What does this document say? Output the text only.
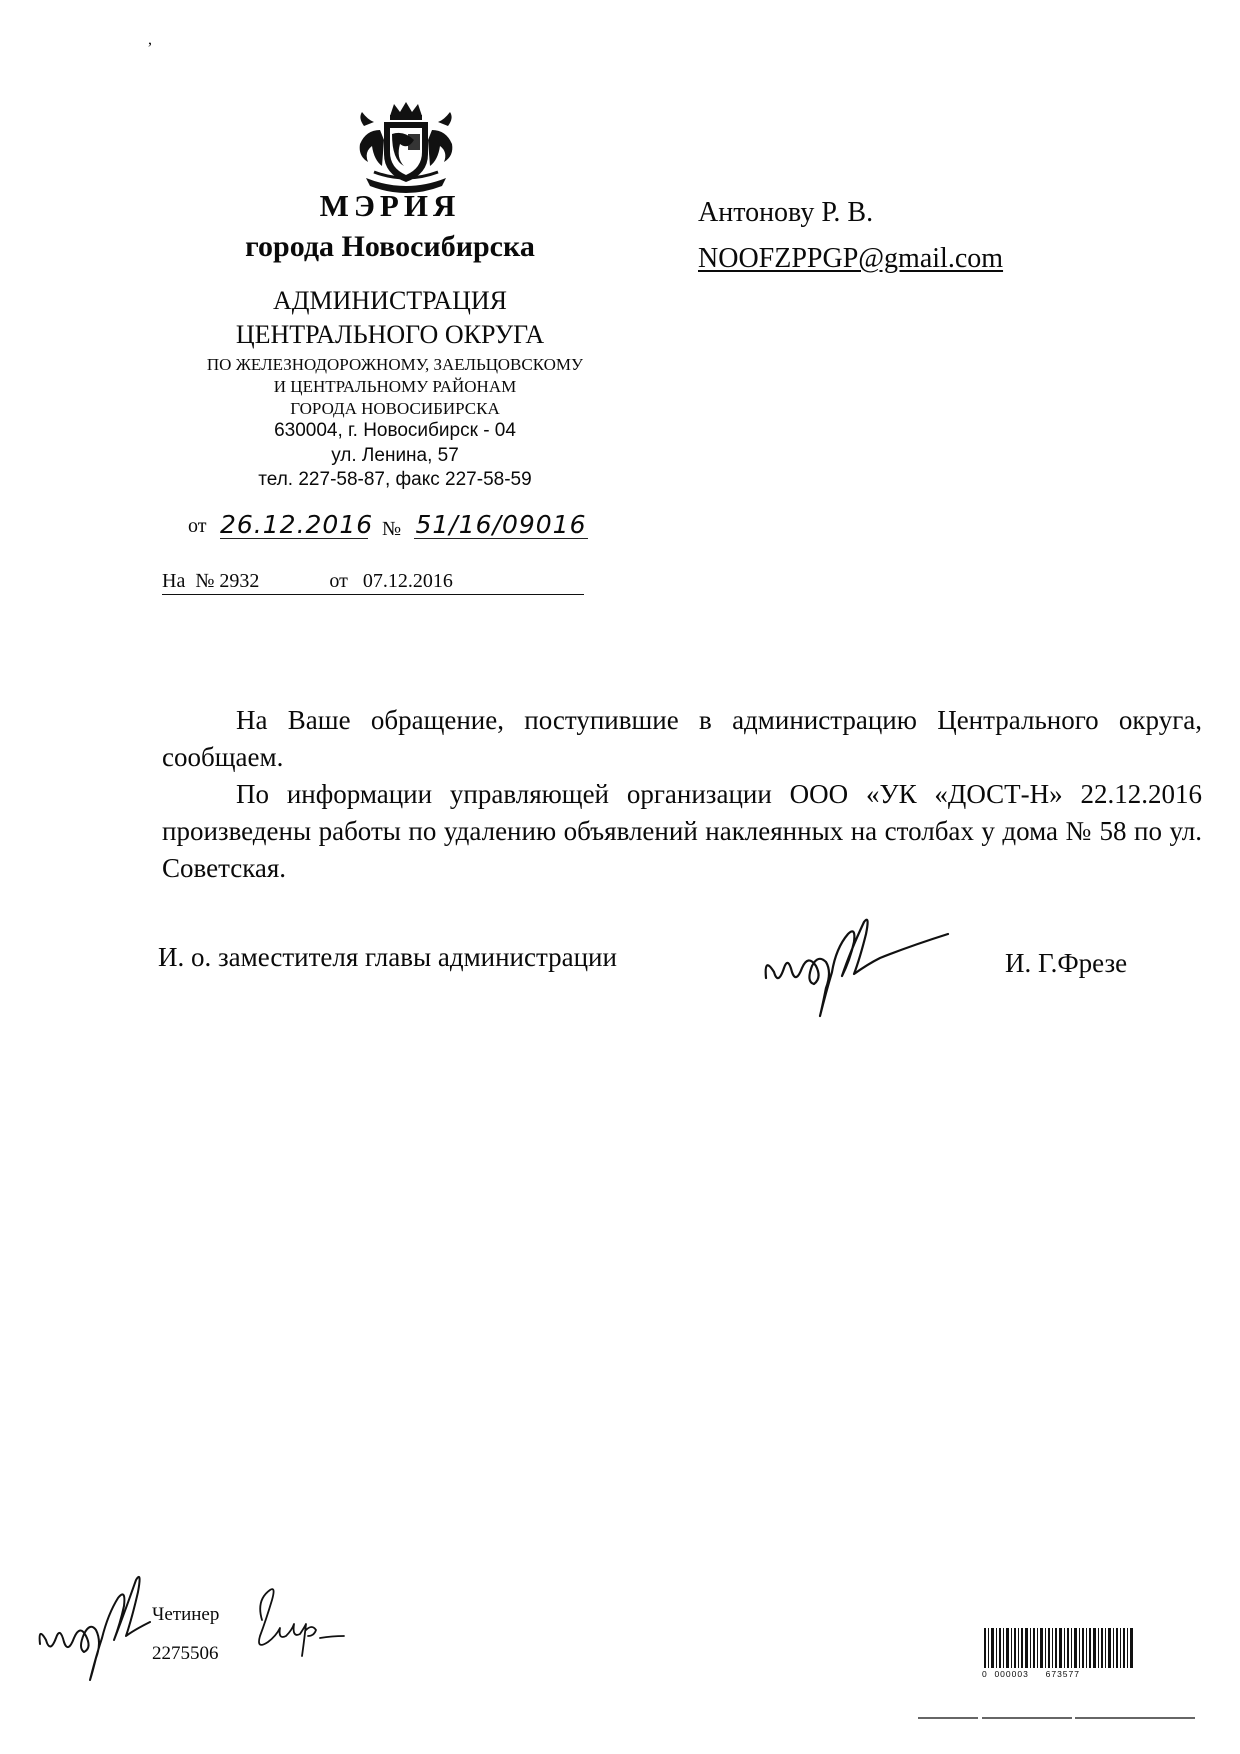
,
МЭРИЯ
города Новосибирска
АДМИНИСТРАЦИЯ
ЦЕНТРАЛЬНОГО ОКРУГА
ПО ЖЕЛЕЗНОДОРОЖНОМУ, ЗАЕЛЬЦОВСКОМУ
И ЦЕНТРАЛЬНОМУ РАЙОНАМ
ГОРОДА НОВОСИБИРСКА
630004, г. Новосибирск - 04
ул. Ленина, 57
тел. 227-58-87, факс 227-58-59
от 26.12.2016 № 51/16/09016
На  № 2932	от 07.12.2016
Антонову Р. В.
NOOFZPPGP@gmail.com

На Ваше обращение, поступившие в администрацию Центрального округа, сообщаем.

По информации управляющей организации ООО «УК «ДОСТ-Н» 22.12.2016 произведены работы по удалению объявлений наклеянных на столбах у дома № 58 по ул. Советская.

И. о. заместителя главы администрации	И. Г.Фрезе
Четинер
2275506
0  000003     673577
